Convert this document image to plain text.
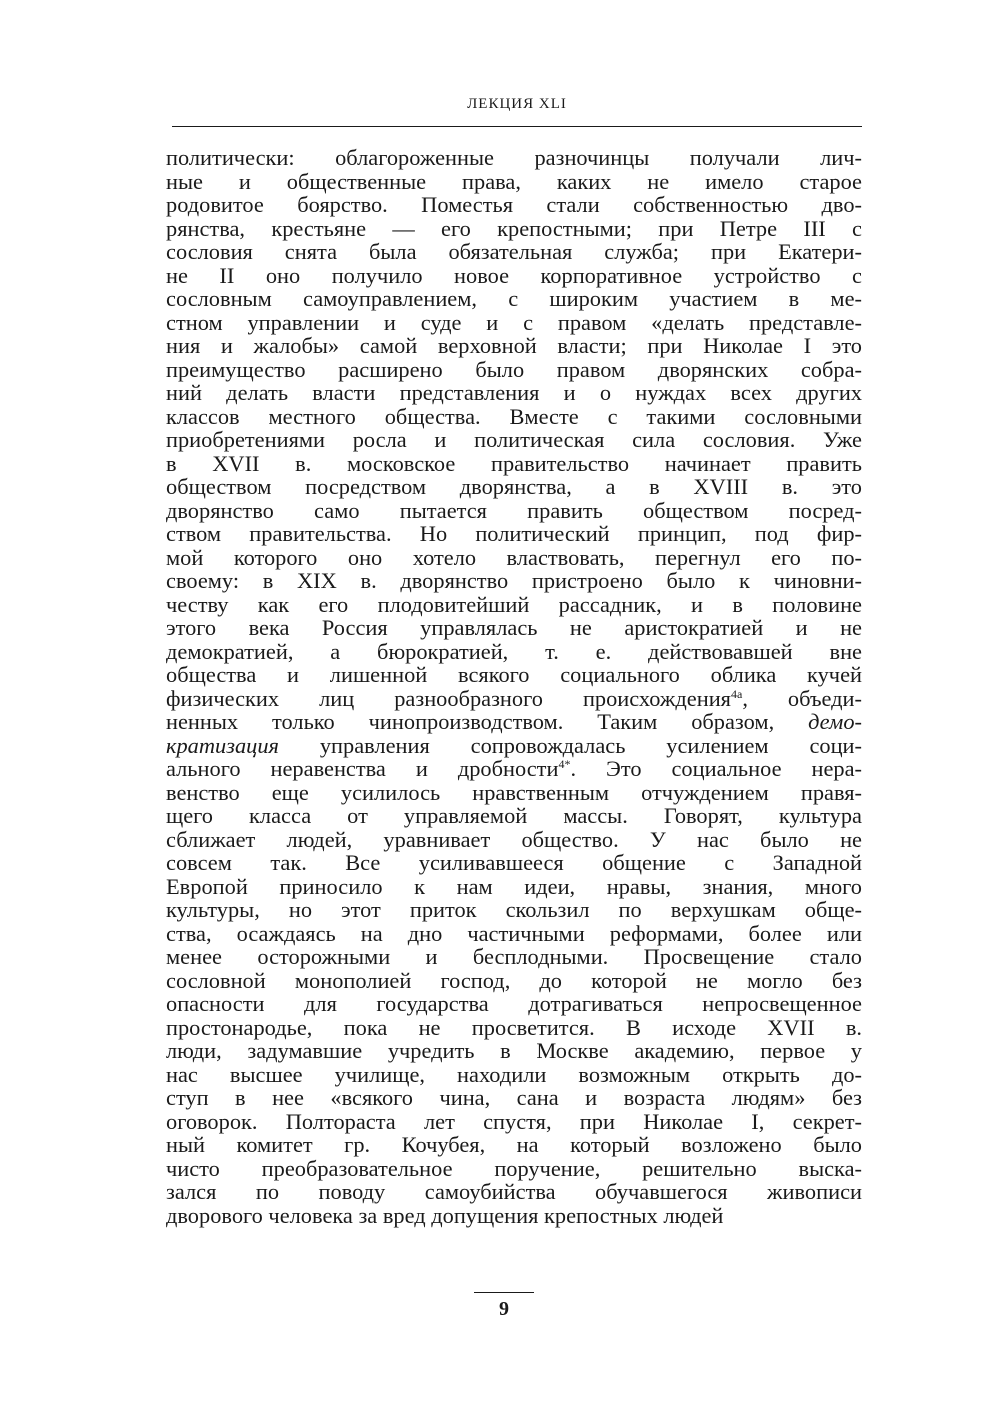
ЛЕКЦИЯ XLI
политически: облагороженные разночинцы получали лич-
ные и общественные права, каких не имело старое
родовитое боярство. Поместья стали собственностью дво-
рянства, крестьяне — его крепостными; при Петре III с
сословия снята была обязательная служба; при Екатери-
не II оно получило новое корпоративное устройство с
сословным самоуправлением, с широким участием в ме-
стном управлении и суде и с правом «делать представле-
ния и жалобы» самой верховной власти; при Николае I это
преимущество расширено было правом дворянских собра-
ний делать власти представления и о нуждах всех других
классов местного общества. Вместе с такими сословными
приобретениями росла и политическая сила сословия. Уже
в XVII в. московское правительство начинает править
обществом посредством дворянства, а в XVIII в. это
дворянство само пытается править обществом посред-
ством правительства. Но политический принцип, под фир-
мой которого оно хотело властвовать, перегнул его по-
своему: в XIX в. дворянство пристроено было к чиновни-
честву как его плодовитейший рассадник, и в половине
этого века Россия управлялась не аристократией и не
демократией, а бюрократией, т. е. действовавшей вне
общества и лишенной всякого социального облика кучей
физических лиц разнообразного происхождения$^{4a}$, объеди-
ненных только чинопроизводством. Таким образом, демо-
кратизация управления сопровождалась усилением соци-
ального неравенства и дробности$^{4*}$. Это социальное нера-
венство еще усилилось нравственным отчуждением правя-
щего класса от управляемой массы. Говорят, культура
сближает людей, уравнивает общество. У нас было не
совсем так. Все усиливавшееся общение с Западной
Европой приносило к нам идеи, нравы, знания, много
культуры, но этот приток скользил по верхушкам обще-
ства, осаждаясь на дно частичными реформами, более или
менее осторожными и бесплодными. Просвещение стало
сословной монополией господ, до которой не могло без
опасности для государства дотрагиваться непросвещенное
простонародье, пока не просветится. В исходе XVII в.
люди, задумавшие учредить в Москве академию, первое у
нас высшее училище, находили возможным открыть до-
ступ в нее «всякого чина, сана и возраста людям» без
оговорок. Полтораста лет спустя, при Николае I, секрет-
ный комитет гр. Кочубея, на который возложено было
чисто преобразовательное поручение, решительно выска-
зался по поводу самоубийства обучавшегося живописи
дворового человека за вред допущения крепостных людей
9
